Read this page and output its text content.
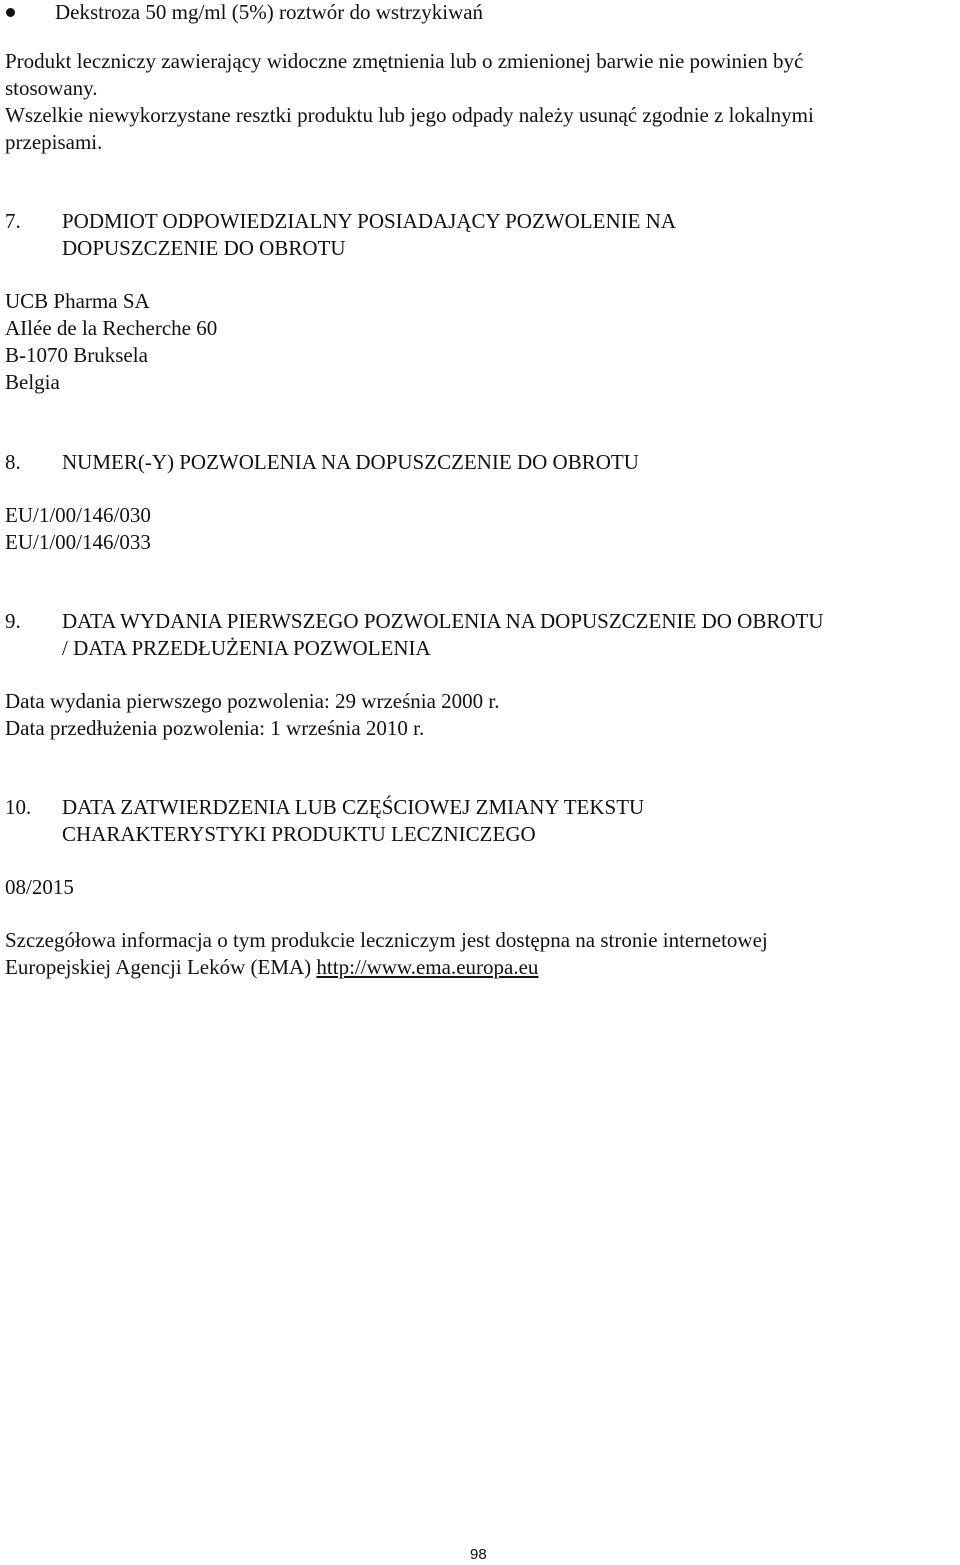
Dekstroza 50 mg/ml (5%) roztwór do wstrzykiwań
Produkt leczniczy zawierający widoczne zmętnienia lub o zmienionej barwie nie powinien być
stosowany.
Wszelkie niewykorzystane resztki produktu lub jego odpady należy usunąć zgodnie z lokalnymi
przepisami.
7. PODMIOT ODPOWIEDZIALNY POSIADAJĄCY POZWOLENIE NA
DOPUSZCZENIE DO OBROTU
UCB Pharma SA
AIlée de la Recherche 60
B-1070 Bruksela
Belgia
8. NUMER(-Y) POZWOLENIA NA DOPUSZCZENIE DO OBROTU
EU/1/00/146/030
EU/1/00/146/033
9. DATA WYDANIA PIERWSZEGO POZWOLENIA NA DOPUSZCZENIE DO OBROTU
/ DATA PRZEDŁUŻENIA POZWOLENIA
Data wydania pierwszego pozwolenia: 29 września 2000 r.
Data przedłużenia pozwolenia: 1 września 2010 r.
10. DATA ZATWIERDZENIA LUB CZĘŚCIOWEJ ZMIANY TEKSTU
CHARAKTERYSTYKI PRODUKTU LECZNICZEGO
08/2015
Szczegółowa informacja o tym produkcie leczniczym jest dostępna na stronie internetowej
Europejskiej Agencji Leków (EMA) http://www.ema.europa.eu
98
